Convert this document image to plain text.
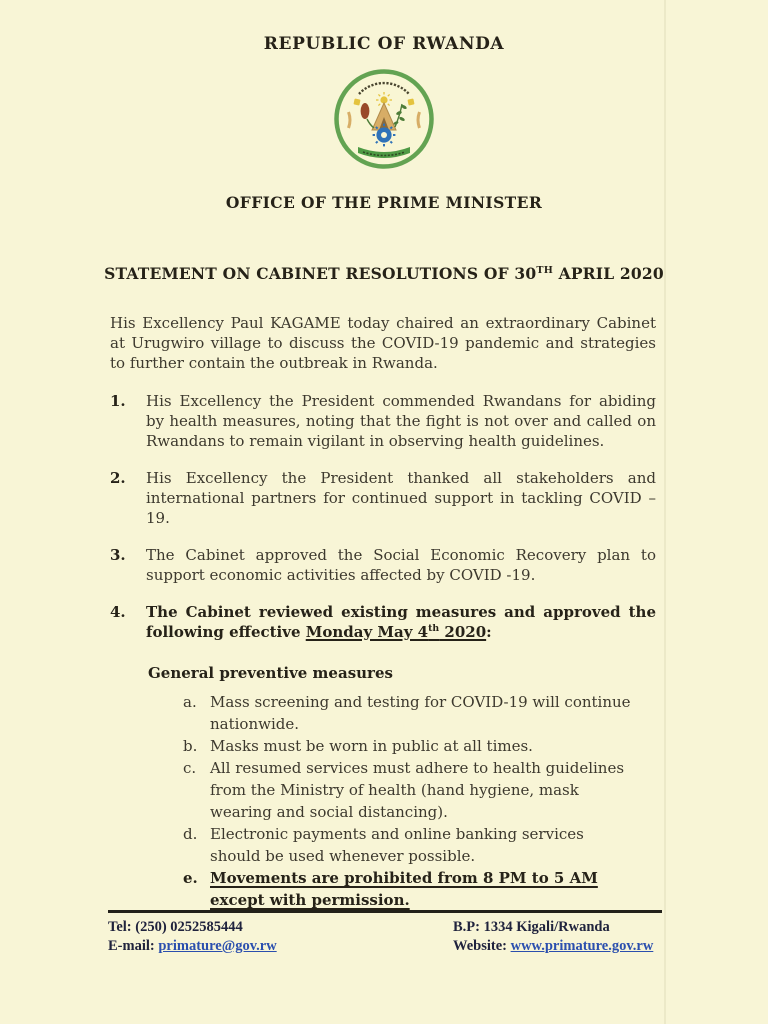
REPUBLIC OF RWANDA
OFFICE OF THE PRIME MINISTER
STATEMENT ON CABINET RESOLUTIONS OF 30TH APRIL 2020

His Excellency Paul KAGAME today chaired an extraordinary Cabinet at Urugwiro village to discuss the COVID-19 pandemic and strategies to further contain the outbreak in Rwanda.

1.	His Excellency the President commended Rwandans for abiding by health measures, noting that the fight is not over and called on Rwandans to remain vigilant in observing health guidelines.
2.	His Excellency the President thanked all stakeholders and international partners for continued support in tackling COVID – 19.
3.	The Cabinet approved the Social Economic Recovery plan to support economic activities affected by COVID -19.
4.	The Cabinet reviewed existing measures and approved the following effective Monday May 4th 2020:
General preventive measures
a. Mass screening and testing for COVID-19 will continue nationwide.
b. Masks must be worn in public at all times.
c. All resumed services must adhere to health guidelines from the Ministry of health (hand hygiene, mask wearing and social distancing).
d. Electronic payments and online banking services should be used whenever possible.
e. Movements are prohibited from 8 PM to 5 AM except with permission.
Tel: (250) 0252585444
E-mail: primature@gov.rw
B.P: 1334 Kigali/Rwanda
Website: www.primature.gov.rw
